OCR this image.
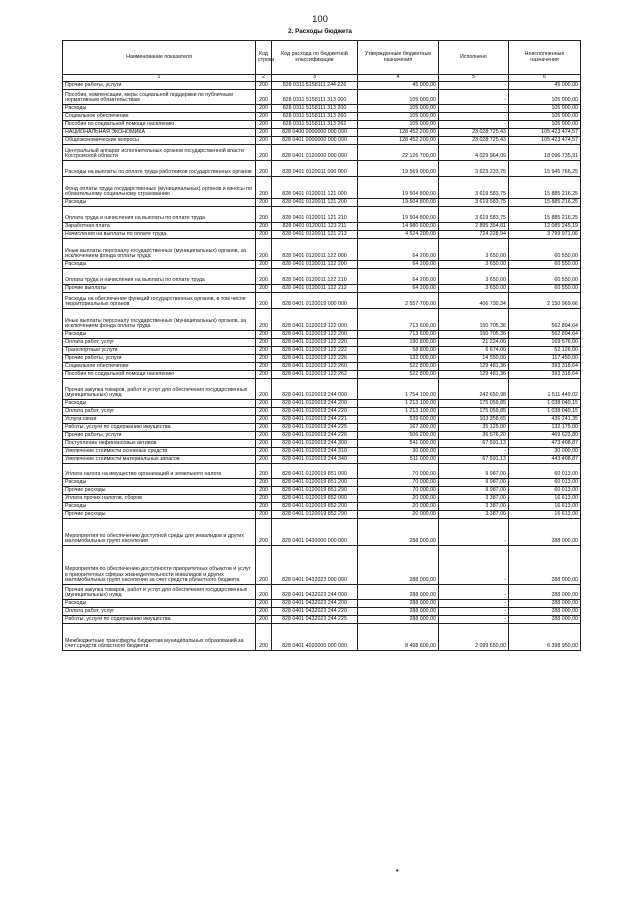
100
2. Расходы бюджета
Наименование показателя	Код строки	Код расхода по бюджетной классификации	Утвержденные бюджетные назначения	Исполнено	Неисполненные назначения
1	2	3	4	5	6
Прочие работы, услуги	200	828 0311 5158111 244 226	45 000,00	-	45 000,00
Пособия, компенсации, меры социальной поддержки по публичным нормативным обязательствам	200	828 0311 5158111 313 000	105 000,00	-	105 000,00
Расходы	200	828 0311 5158111 313 200	105 000,00	-	105 000,00
Социальное обеспечение	200	828 0311 5158111 313 260	105 000,00	-	105 000,00
Пособия по социальной помощи населению	200	828 0311 5158111 313 262	105 000,00	-	105 000,00
НАЦИОНАЛЬНАЯ ЭКОНОМИКА	200	828 0400 0000000 000 000	128 452 200,00	23 028 725,43	105 423 474,57
Общеэкономические вопросы	200	828 0401 0000000 000 000	128 452 200,00	23 028 725,43	105 423 474,57
Центральный аппарат исполнительных органов государственной власти Костромской области	200	828 0401 0120000 000 000	22 126 700,00	4 029 964,09	18 096 735,91
Расходы на выплаты по оплате труда работников государственных органов	200	828 0401 0120011 000 000	19 569 000,00	3 623 233,75	15 945 766,25
Фонд оплаты труда государственных (муниципальных) органов и взносы по обязательному социальному страхованию	200	828 0401 0120011 121 000	19 504 800,00	3 619 583,75	15 885 216,25
Расходы	200	828 0401 0120011 121 200	19 504 800,00	3 619 583,75	15 885 216,25
Оплата труда и начисления на выплаты по оплате труда	200	828 0401 0120011 121 210	19 504 800,00	3 619 583,75	15 885 216,25
Заработная плата	200	828 0401 0120011 121 211	14 980 600,00	2 895 354,81	12 085 245,19
Начисления на выплаты по оплате труда	200	828 0401 0120011 121 213	4 524 200,00	724 228,94	3 799 971,06
Иные выплаты персоналу государственных (муниципальных) органов, за исключением фонда оплаты труда	200	828 0401 0120011 122 000	64 200,00	3 650,00	60 550,00
Расходы	200	828 0401 0120011 122 200	64 200,00	3 650,00	60 550,00
Оплата труда и начисления на выплаты по оплате труда	200	828 0401 0120011 122 210	64 200,00	3 650,00	60 550,00
Прочие выплаты	200	828 0401 0120011 122 212	64 200,00	3 650,00	60 550,00
Расходы на обеспечение функций государственных органов, в том числе территориальных органов	200	828 0401 0120019 000 000	2 557 700,00	406 730,34	2 150 969,66
Иные выплаты персоналу государственных (муниципальных) органов, за исключением фонда оплаты труда	200	828 0401 0120019 122 000	713 600,00	150 705,36	562 894,64
Расходы	200	828 0401 0120019 122 200	713 600,00	150 705,36	562 894,64
Оплата работ, услуг	200	828 0401 0120019 122 220	190 800,00	21 224,00	169 576,00
Транспортные услуги	200	828 0401 0120019 122 222	58 800,00	6 674,00	52 126,00
Прочие работы, услуги	200	828 0401 0120019 122 226	132 000,00	14 550,00	117 450,00
Социальное обеспечение	200	828 0401 0120019 122 260	522 800,00	129 481,36	393 318,64
Пособия по социальной помощи населению	200	828 0401 0120019 122 262	522 800,00	129 481,36	393 318,64
Прочая закупка товаров, работ и услуг для обеспечения государственных (муниципальных) нужд	200	828 0401 0120019 244 000	1 754 100,00	242 650,98	1 511 449,02
Расходы	200	828 0401 0120019 244 200	1 213 100,00	175 059,85	1 038 040,15
Оплата работ, услуг	200	828 0401 0120019 244 220	1 213 100,00	175 059,85	1 038 040,15
Услуги связи	200	828 0401 0120019 244 221	539 600,00	103 358,65	436 241,35
Работы, услуги по содержанию имущества	200	828 0401 0120019 244 225	167 300,00	35 125,00	132 175,00
Прочие работы, услуги	200	828 0401 0120019 244 226	506 200,00	36 576,20	469 623,80
Поступление нефинансовых активов	200	828 0401 0120019 244 300	541 000,00	67 591,13	473 408,87
Увеличение стоимости основных средств	200	828 0401 0120019 244 310	30 000,00	-	30 000,00
Увеличение стоимости материальных запасов	200	828 0401 0120019 244 340	511 000,00	67 591,13	443 408,87
Уплата налога на имущество организаций и земельного налога	200	828 0401 0120019 851 000	70 000,00	9 987,00	60 013,00
Расходы	200	828 0401 0120019 851 200	70 000,00	9 987,00	60 013,00
Прочие расходы	200	828 0401 0120019 851 290	70 000,00	9 987,00	60 013,00
Уплата прочих налогов, сборов	200	828 0401 0120019 852 000	20 000,00	3 387,00	16 613,00
Расходы	200	828 0401 0120019 852 200	20 000,00	3 387,00	16 613,00
Прочие расходы	200	828 0401 0120019 852 290	20 000,00	3 387,00	16 613,00
Мероприятия по обеспечению доступной среды для инвалидов и других маломобильных групп населения	200	828 0401 0430000 000 000	288 000,00	-	288 000,00
Мероприятия по обеспечению доступности приоритетных объектов и услуг в приоритетных сферах жизнедеятельности инвалидов и других маломобильных групп населения за счет средств областного бюджета	200	828 0401 0432023 000 000	288 000,00	-	288 000,00
Прочая закупка товаров, работ и услуг для обеспечения государственных (муниципальных) нужд	200	828 0401 0432023 244 000	288 000,00	-	288 000,00
Расходы	200	828 0401 0432023 244 200	288 000,00	-	288 000,00
Оплата работ, услуг	200	828 0401 0432023 244 220	288 000,00	-	288 000,00
Работы, услуги по содержанию имущества	200	828 0401 0432023 244 225	288 000,00	-	288 000,00
Межбюджетные трансферты бюджетам муниципальных образований за счет средств областного бюджета	200	828 0401 4020000 000 000	8 498 600,00	2 099 650,00	6 398 950,00
•
